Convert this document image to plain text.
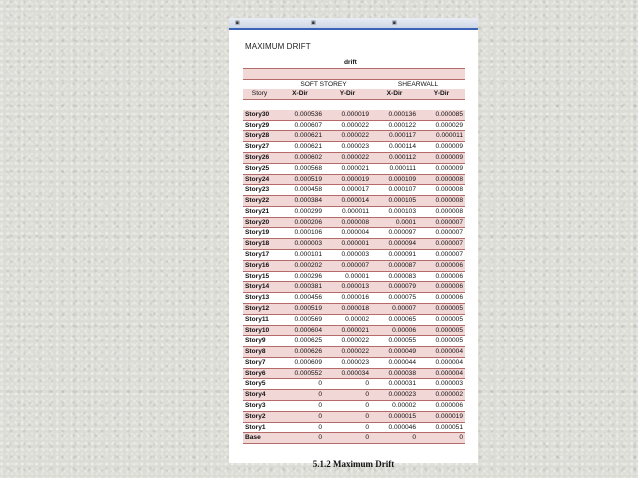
▣	▣	▣
MAXIMUM DRIFT
		drift		

	SOFT STOREY		SHEARWALL	
Story	X-Dir	Y-Dir	X-Dir	Y-Dir

Story30	0.000536	0.000019	0.000136	0.000085
Story29	0.000607	0.000022	0.000122	0.000029
Story28	0.000621	0.000022	0.000117	0.000011
Story27	0.000621	0.000023	0.000114	0.000009
Story26	0.000602	0.000022	0.000112	0.000009
Story25	0.000568	0.000021	0.000111	0.000009
Story24	0.000519	0.000019	0.000109	0.000008
Story23	0.000458	0.000017	0.000107	0.000008
Story22	0.000384	0.000014	0.000105	0.000008
Story21	0.000299	0.000011	0.000103	0.000008
Story20	0.000206	0.000008	0.0001	0.000007
Story19	0.000106	0.000004	0.000097	0.000007
Story18	0.000003	0.000001	0.000094	0.000007
Story17	0.000101	0.000003	0.000091	0.000007
Story16	0.000202	0.000007	0.000087	0.000006
Story15	0.000296	0.00001	0.000083	0.000006
Story14	0.000381	0.000013	0.000079	0.000006
Story13	0.000456	0.000016	0.000075	0.000006
Story12	0.000519	0.000018	0.00007	0.000005
Story11	0.000569	0.00002	0.000065	0.000005
Story10	0.000604	0.000021	0.00006	0.000005
Story9	0.000625	0.000022	0.000055	0.000005
Story8	0.000626	0.000022	0.000049	0.000004
Story7	0.000609	0.000023	0.000044	0.000004
Story6	0.000552	0.000034	0.000038	0.000004
Story5	0	0	0.000031	0.000003
Story4	0	0	0.000023	0.000002
Story3	0	0	0.00002	0.000006
Story2	0	0	0.000015	0.000019
Story1	0	0	0.000046	0.000051
Base	0	0	0	0
5.1.2 Maximum Drift
